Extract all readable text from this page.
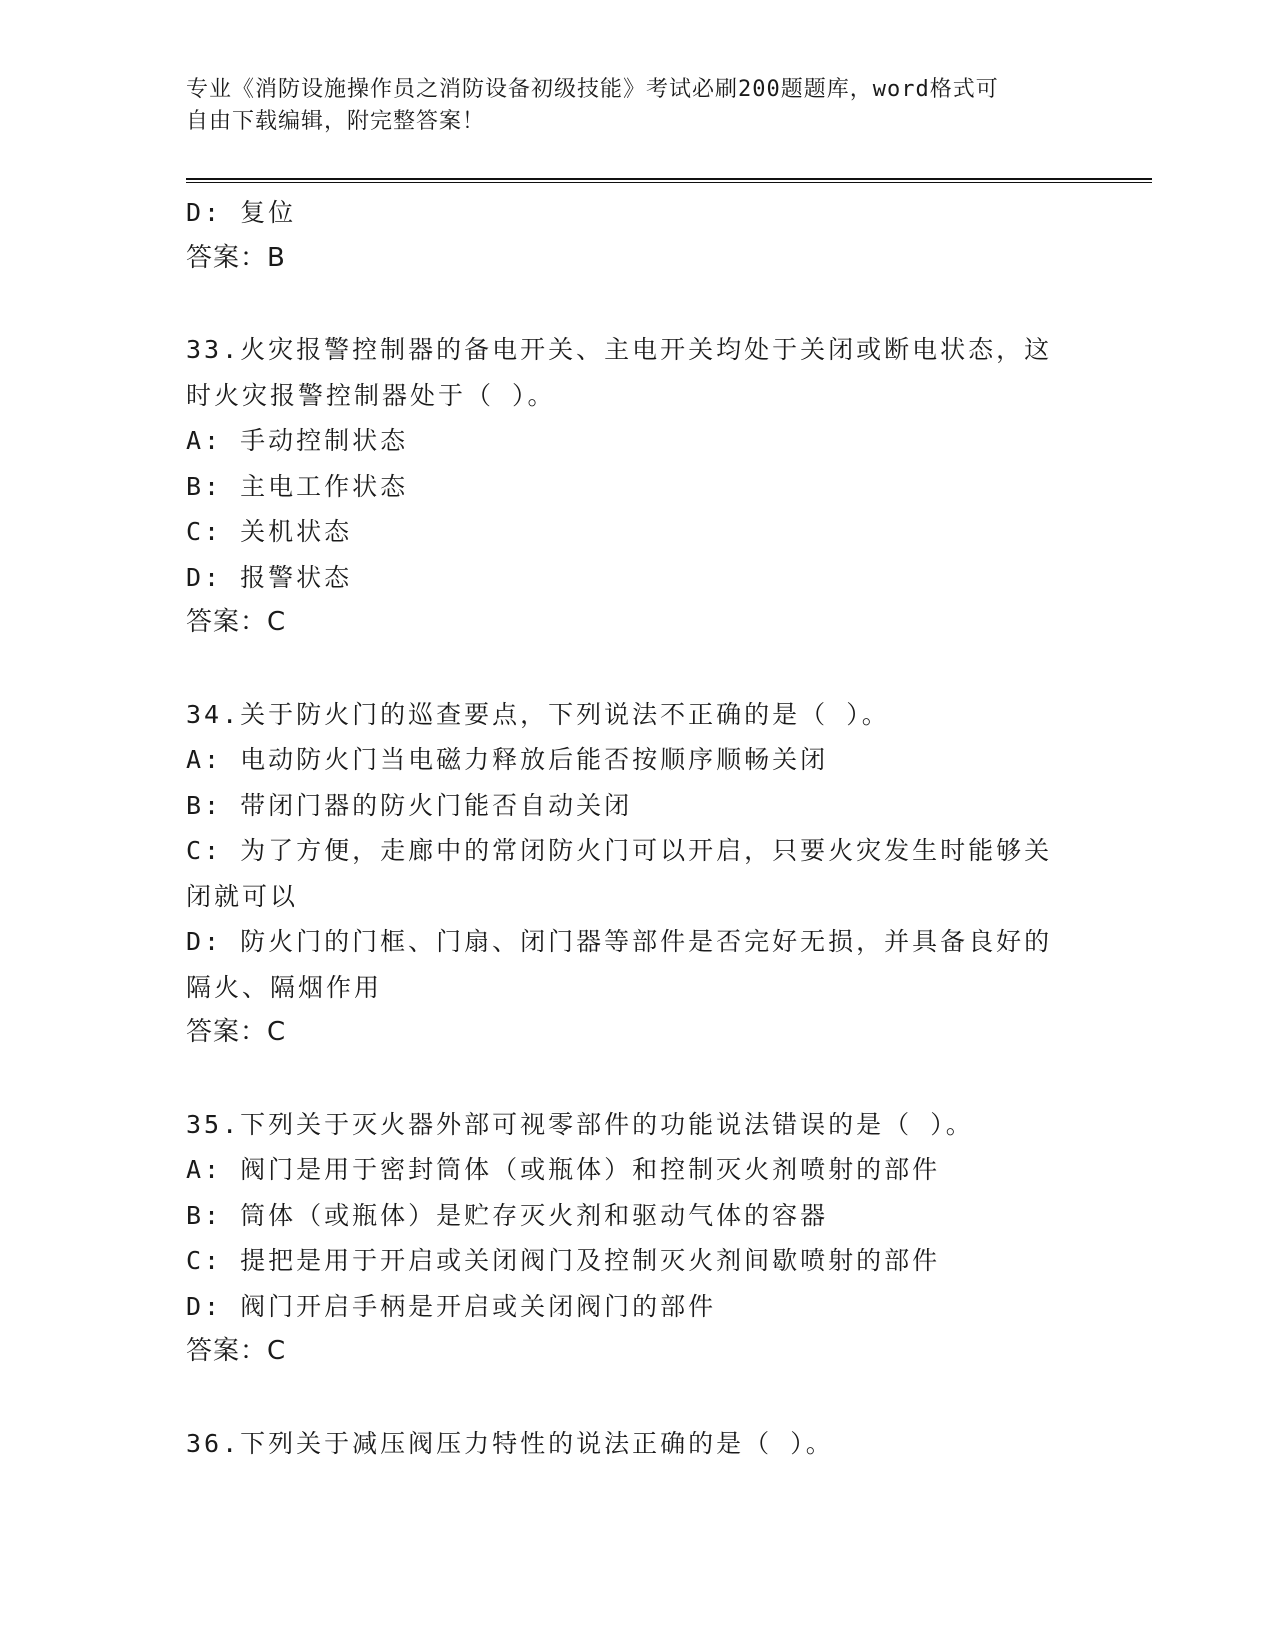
专业《消防设施操作员之消防设备初级技能》考试必刷200题题库，word格式可
自由下载编辑，附完整答案！
D: 复位
答案：B
33.火灾报警控制器的备电开关、主电开关均处于关闭或断电状态，这
时火灾报警控制器处于（ ）。
A: 手动控制状态
B: 主电工作状态
C: 关机状态
D: 报警状态
答案：C
34.关于防火门的巡查要点，下列说法不正确的是（ ）。
A: 电动防火门当电磁力释放后能否按顺序顺畅关闭
B: 带闭门器的防火门能否自动关闭
C: 为了方便，走廊中的常闭防火门可以开启，只要火灾发生时能够关
闭就可以
D: 防火门的门框、门扇、闭门器等部件是否完好无损，并具备良好的
隔火、隔烟作用
答案：C
35.下列关于灭火器外部可视零部件的功能说法错误的是（ ）。
A: 阀门是用于密封筒体（或瓶体）和控制灭火剂喷射的部件
B: 筒体（或瓶体）是贮存灭火剂和驱动气体的容器
C: 提把是用于开启或关闭阀门及控制灭火剂间歇喷射的部件
D: 阀门开启手柄是开启或关闭阀门的部件
答案：C
36.下列关于减压阀压力特性的说法正确的是（ ）。
